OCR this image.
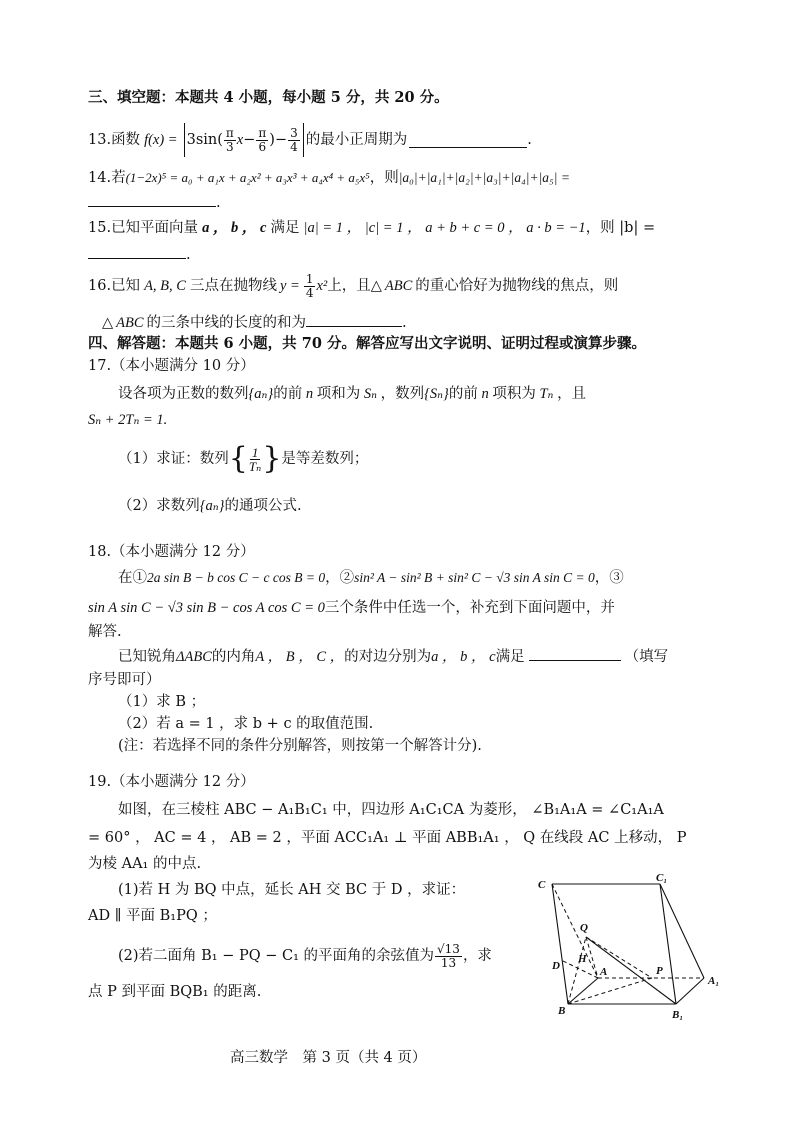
三、填空题：本题共 4 小题，每小题 5 分，共 20 分。
13. 函数 $f(x) = 3\sin( \frac{\pi}{3}$ $x - \frac{\pi}{6}$ )− $\frac{3}{4}$ 的最小正周期为	.
14.若(1−2x)⁵ = a₀ + a₁x + a₂x² + a₃x³ + a₄x⁴ + a₅x⁵，则|a₀|+|a₁|+|a₂|+|a₃|+|a₄|+|a₅| =
.
15.已知平面向量 a ， b ， c 满足 |a| = 1 ， |c| = 1 ， a + b + c = 0 ， a · b = −1，则 |b| =
.
16. 已知 A, B, C 三点在抛物线 $y = \frac{1}{4} x^2$ 上，且△ ABC 的重心恰好为抛物线的焦点，则
△ ABC 的三条中线的长度的和为	.
四、解答题：本题共 6 小题，共 70 分。解答应写出文字说明、证明过程或演算步骤。
17.（本小题满分 10 分）
设各项为正数的数列{aₙ}的前 n 项和为 Sₙ ，数列{Sₙ}的前 n 项积为 Tₙ ，且
Sₙ + 2Tₙ = 1.
（1）求证：数列 { $\frac{1}{\text{Tₙ}}$ } 是等差数列；
（2）求数列{aₙ}的通项公式.
18.（本小题满分 12 分）
在①2a sin B − b cos C − c cos B = 0，②sin² A − sin² B + sin² C − √3 sin A sin C = 0，③
sin A sin C − √3 sin B − cos A cos C = 0三个条件中任选一个，补充到下面问题中，并
解答.
已知锐角ΔABC的内角A ， B ， C ，的对边分别为a ， b ， c满足	（填写
序号即可）
（1）求 B ；
（2）若 a = 1 ，求 b + c 的取值范围.
(注：若选择不同的条件分别解答，则按第一个解答计分).
19.（本小题满分 12 分）
如图，在三棱柱 ABC − A₁B₁C₁ 中，四边形 A₁C₁CA 为菱形， ∠B₁A₁A = ∠C₁A₁A
= 60° ， AC = 4 ， AB = 2 ，平面 ACC₁A₁ ⊥ 平面 ABB₁A₁ ， Q 在线段 AC 上移动， P
为棱 AA₁ 的中点.
(1)若 H 为 BQ 中点，延长 AH 交 BC 于 D ，求证：
AD ∥ 平面 B₁PQ ；
(2)若二面角 B₁ − PQ − C₁ 的平面角的余弦值为 $\frac{√13}{13}$ ，求
点 P 到平面 BQB₁ 的距离.
C
C₁
Q
H
D	A	P
A₁
B	B₁
高三数学　第 3 页（共 4 页）
